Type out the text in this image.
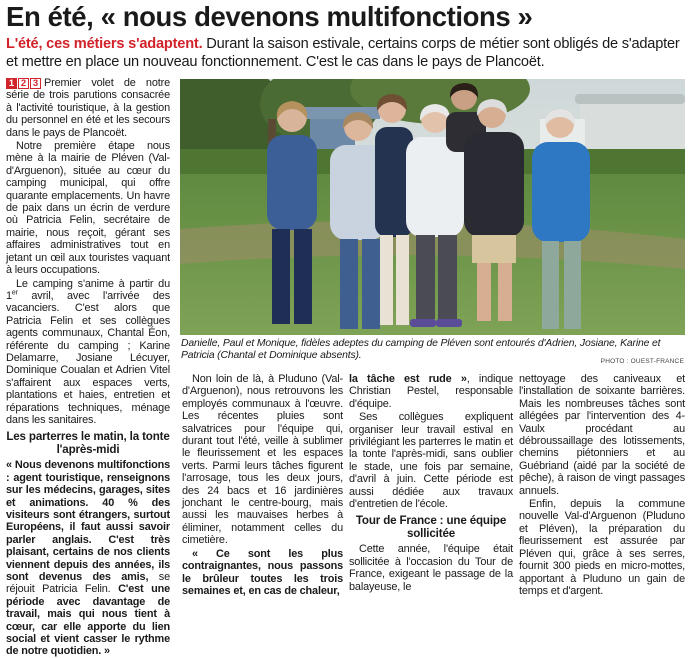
En été, « nous devenons multifonctions »
L'été, ces métiers s'adaptent. Durant la saison estivale, certains corps de métier sont obligés de s'adapter et mettre en place un nouveau fonctionnement. C'est le cas dans le pays de Plancoët.

1 2 3 Premier volet de notre série de trois parutions consacrée à l'activité touristique, à la gestion du personnel en été et les secours dans le pays de Plancoët.

Notre première étape nous mène à la mairie de Pléven (Val-d'Arguenon), située au cœur du camping municipal, qui offre quarante emplacements. Un havre de paix dans un écrin de verdure où Patricia Felin, secrétaire de mairie, nous reçoit, gérant ses affaires administratives tout en jetant un œil aux touristes vaquant à leurs occupations.

Le camping s'anime à partir du 1er avril, avec l'arrivée des vacanciers. C'est alors que Patricia Felin et ses collègues agents communaux, Chantal Éon, référente du camping ; Karine Delamarre, Josiane Lécuyer, Dominique Coualan et Adrien Vitel s'affairent aux espaces verts, plantations et haies, entretien et réparations techniques, ménage dans les sanitaires.

Les parterres le matin, la tonte l'après-midi

« Nous devenons multifonctions : agent touristique, renseignons sur les médecins, garages, sites et animations. 40 % des visiteurs sont étrangers, surtout Européens, il faut aussi savoir parler anglais. C'est très plaisant, certains de nos clients viennent depuis des années, ils sont devenus des amis, se réjouit Patricia Felin. C'est une période avec davantage de travail, mais qui nous tient à cœur, car elle apporte du lien social et vient casser le rythme de notre quotidien. »

Danielle, Paul et Monique, fidèles adeptes du camping de Pléven sont entourés d'Adrien, Josiane, Karine et Patricia (Chantal et Dominique absents).
PHOTO : OUEST-FRANCE

Non loin de là, à Pluduno (Val-d'Arguenon), nous retrouvons les employés communaux à l'œuvre. Les récentes pluies sont salvatrices pour l'équipe qui, durant tout l'été, veille à sublimer le fleurissement et les espaces verts. Parmi leurs tâches figurent l'arrosage, tous les deux jours, des 24 bacs et 16 jardinières jonchant le centre-bourg, mais aussi les mauvaises herbes à éliminer, notamment celles du cimetière.

« Ce sont les plus contraignantes, nous passons le brûleur toutes les trois semaines et, en cas de chaleur,

la tâche est rude », indique Christian Pestel, responsable d'équipe.

Ses collègues expliquent organiser leur travail estival en privilégiant les parterres le matin et la tonte l'après-midi, sans oublier le stade, une fois par semaine, d'avril à juin. Cette période est aussi dédiée aux travaux d'entretien de l'école.

Tour de France : une équipe sollicitée

Cette année, l'équipe était sollicitée à l'occasion du Tour de France, exigeant le passage de la balayeuse, le

nettoyage des caniveaux et l'installation de soixante barrières. Mais les nombreuses tâches sont allégées par l'intervention des 4-Vaulx procédant au débroussaillage des lotissements, chemins piétonniers et au Guébriand (aidé par la société de pêche), à raison de vingt passages annuels.

Enfin, depuis la commune nouvelle Val-d'Arguenon (Pluduno et Pléven), la préparation du fleurissement est assurée par Pléven qui, grâce à ses serres, fournit 300 pieds en micro-mottes, apportant à Pluduno un gain de temps et d'argent.
